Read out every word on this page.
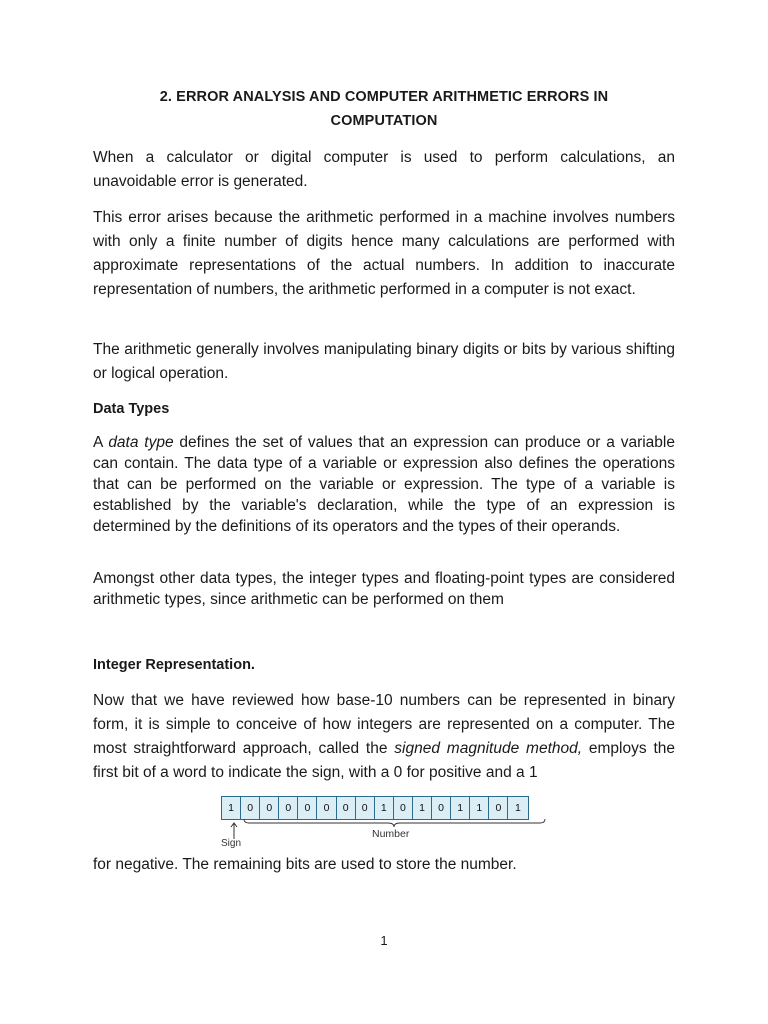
2. ERROR ANALYSIS AND COMPUTER ARITHMETIC ERRORS IN
COMPUTATION

When a calculator or digital computer is used to perform calculations, an unavoidable error is generated.

This error arises because the arithmetic performed in a machine involves numbers with only a finite number of digits hence many calculations are performed with approximate representations of the actual numbers. In addition to inaccurate representation of numbers, the arithmetic performed in a computer is not exact.

The arithmetic generally involves manipulating binary digits or bits by various shifting or logical operation.

Data Types

A data type defines the set of values that an expression can produce or a variable can contain. The data type of a variable or expression also defines the operations that can be performed on the variable or expression. The type of a variable is established by the variable's declaration, while the type of an expression is determined by the definitions of its operators and the types of their operands.

Amongst other data types, the integer types and floating-point types are considered arithmetic types, since arithmetic can be performed on them

Integer Representation.

Now that we have reviewed how base-10 numbers can be represented in binary form, it is simple to conceive of how integers are represented on a computer. The most straightforward approach, called the signed magnitude method, employs the first bit of a word to indicate the sign, with a 0 for positive and a 1

1	0	0	0	0	0	0	0	1	0	1	0	1	1	0	1
Sign
Number

for negative. The remaining bits are used to store the number.

1
